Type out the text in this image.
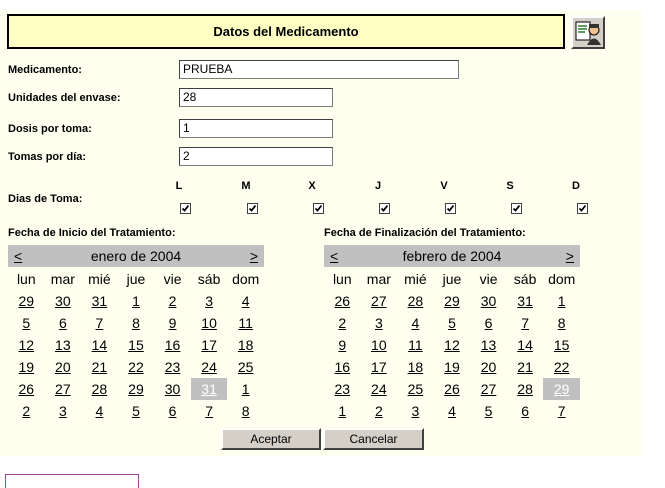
Datos del Medicamento
Medicamento:	PRUEBA
Unidades del envase:	28
Dosis por toma:	1
Tomas por día:	2
Dias de Toma:
L	M	X	J	V	S	D
Fecha de Inicio del Tratamiento:	Fecha de Finalización del Tratamiento:
<	enero de 2004	>
lun	mar	mié	jue	vie	sáb	dom
29	30	31	1	2	3	4
5	6	7	8	9	10	11
12	13	14	15	16	17	18
19	20	21	22	23	24	25
26	27	28	29	30	31	1
2	3	4	5	6	7	8
<	febrero de 2004	>
lun	mar	mié	jue	vie	sáb	dom
26	27	28	29	30	31	1
2	3	4	5	6	7	8
9	10	11	12	13	14	15
16	17	18	19	20	21	22
23	24	25	26	27	28	29
1	2	3	4	5	6	7
Aceptar	Cancelar
